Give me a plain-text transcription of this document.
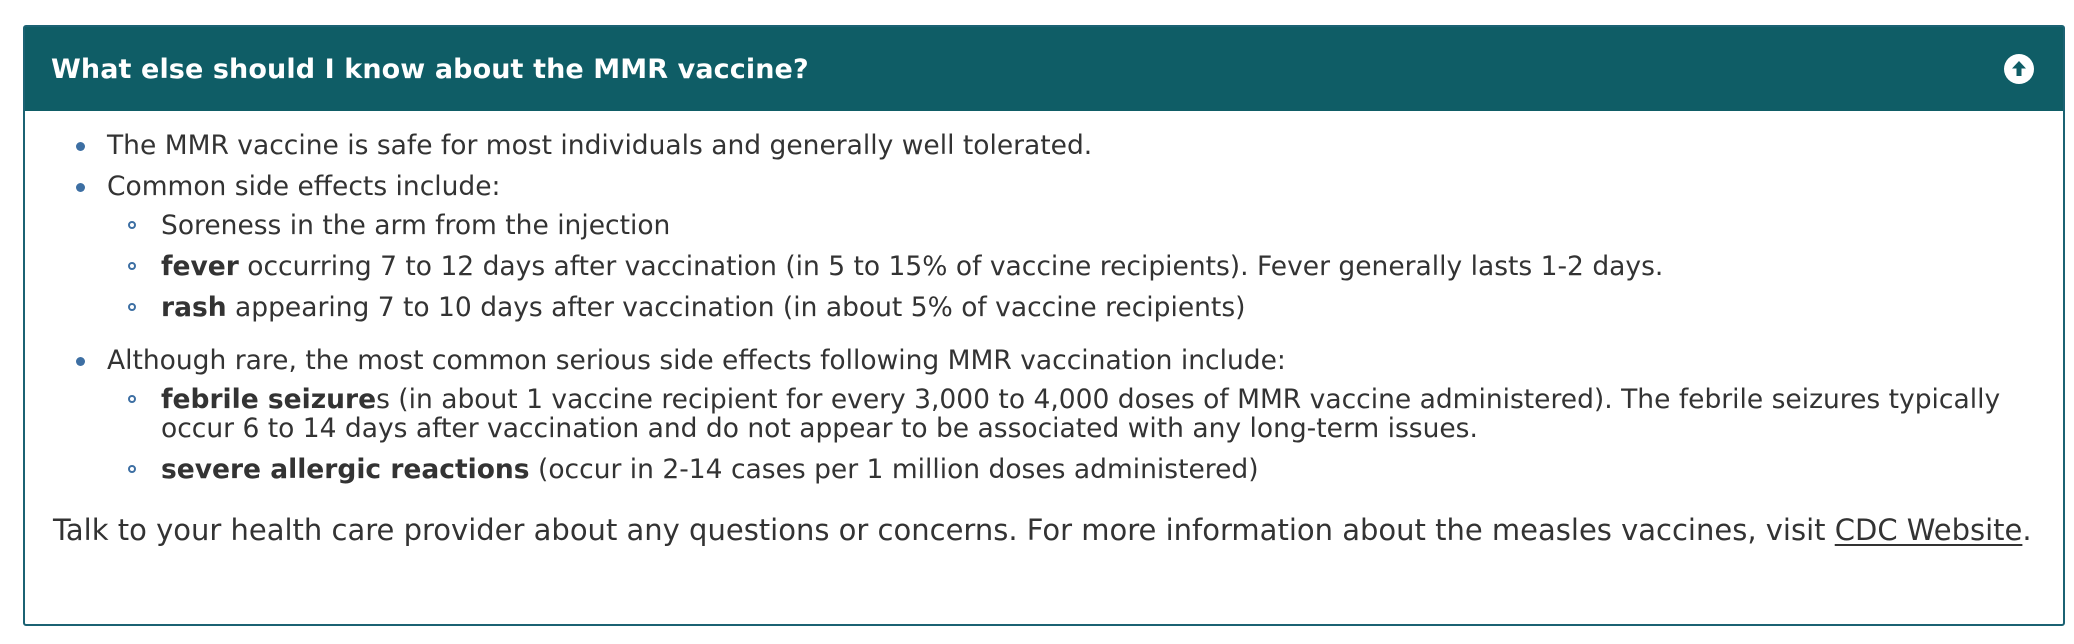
What else should I know about the MMR vaccine?
The MMR vaccine is safe for most individuals and generally well tolerated.
Common side effects include:
Soreness in the arm from the injection
fever occurring 7 to 12 days after vaccination (in 5 to 15% of vaccine recipients). Fever generally lasts 1-2 days.
rash appearing 7 to 10 days after vaccination (in about 5% of vaccine recipients)
Although rare, the most common serious side effects following MMR vaccination include:
febrile seizures (in about 1 vaccine recipient for every 3,000 to 4,000 doses of MMR vaccine administered). The febrile seizures typically occur 6 to 14 days after vaccination and do not appear to be associated with any long-term issues.
severe allergic reactions (occur in 2-14 cases per 1 million doses administered)
Talk to your health care provider about any questions or concerns. For more information about the measles vaccines, visit CDC Website.
